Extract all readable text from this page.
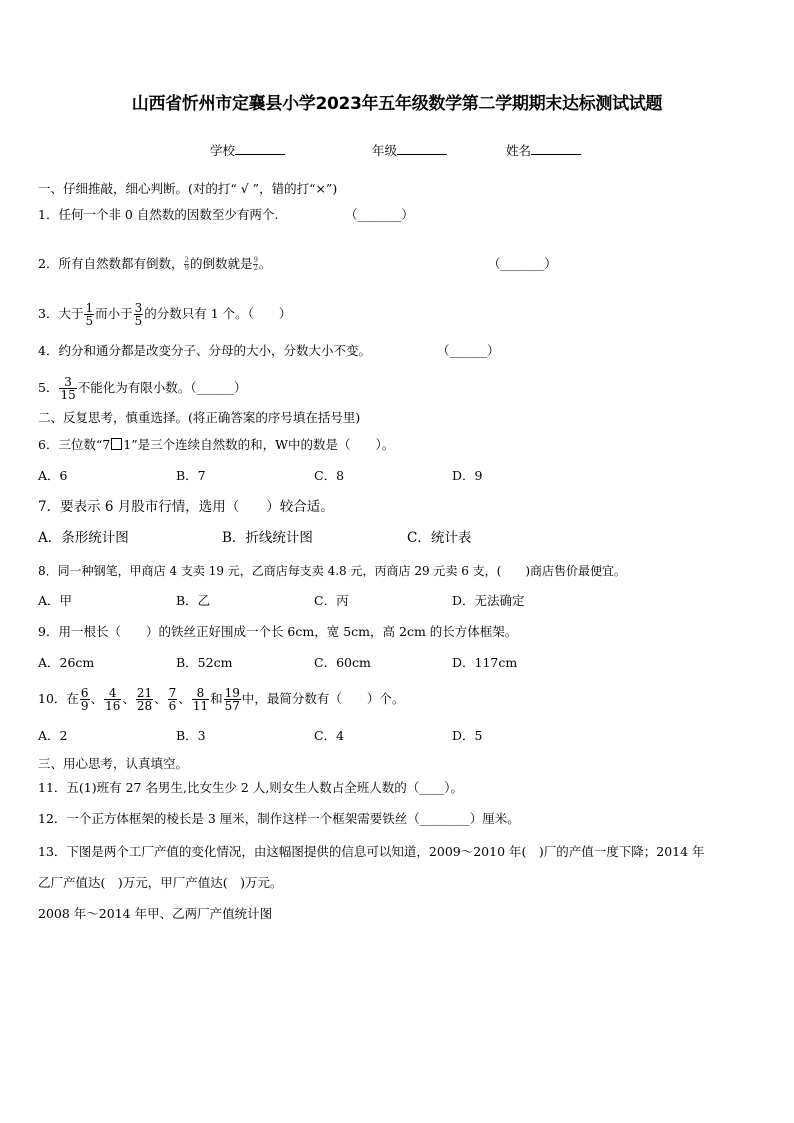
山西省忻州市定襄县小学2023年五年级数学第二学期期末达标测试试题
学校	年级	姓名
一、仔细推敲，细心判断。(对的打“ √ ”，错的打“×”)
1．任何一个非 0 自然数的因数至少有两个.	（_______）
2．所有自然数都有倒数， $\frac{2}{9}$ 的倒数就是 $\frac{9}{2}$ 。	（_______）
3．大于 $\frac{1}{5}$ 而小于 $\frac{3}{5}$ 的分数只有 1 个。（　　）
4．约分和通分都是改变分子、分母的大小，分数大小不变。	（______）
5． $\frac{3}{15}$ 不能化为有限小数。（______）
二、反复思考，慎重选择。(将正确答案的序号填在括号里)
6．三位数“7 1”是三个连续自然数的和，W中的数是（　　）。
A．6	B．7	C．8	D．9
7．要表示 6 月股市行情，选用（　　）较合适。
A．条形统计图	B．折线统计图	C．统计表
8．同一种钢笔，甲商店 4 支卖 19 元，乙商店每支卖 4.8 元，丙商店 29 元卖 6 支，(　　)商店售价最便宜。
A．甲	B．乙	C．丙	D．无法确定
9．用一根长（　　）的铁丝正好围成一个长 6cm，宽 5cm，高 2cm 的长方体框架。
A．26cm	B．52cm	C．60cm	D．117cm
10．在 $\frac{6}{9}$ 、 $\frac{4}{16}$ 、 $\frac{21}{28}$ 、 $\frac{7}{6}$ 、 $\frac{8}{11}$ 和 $\frac{19}{57}$ 中，最简分数有（　　）个。
A．2	B．3	C．4	D．5
三、用心思考，认真填空。
11．五(1)班有 27 名男生,比女生少 2 人,则女生人数占全班人数的（____）。
12．一个正方体框架的棱长是 3 厘米，制作这样一个框架需要铁丝（________）厘米。
13．下图是两个工厂产值的变化情况，由这幅图提供的信息可以知道，2009～2010 年(　)厂的产值一度下降；2014 年
乙厂产值达(　)万元，甲厂产值达(　)万元。
2008 年～2014 年甲、乙两厂产值统计图
